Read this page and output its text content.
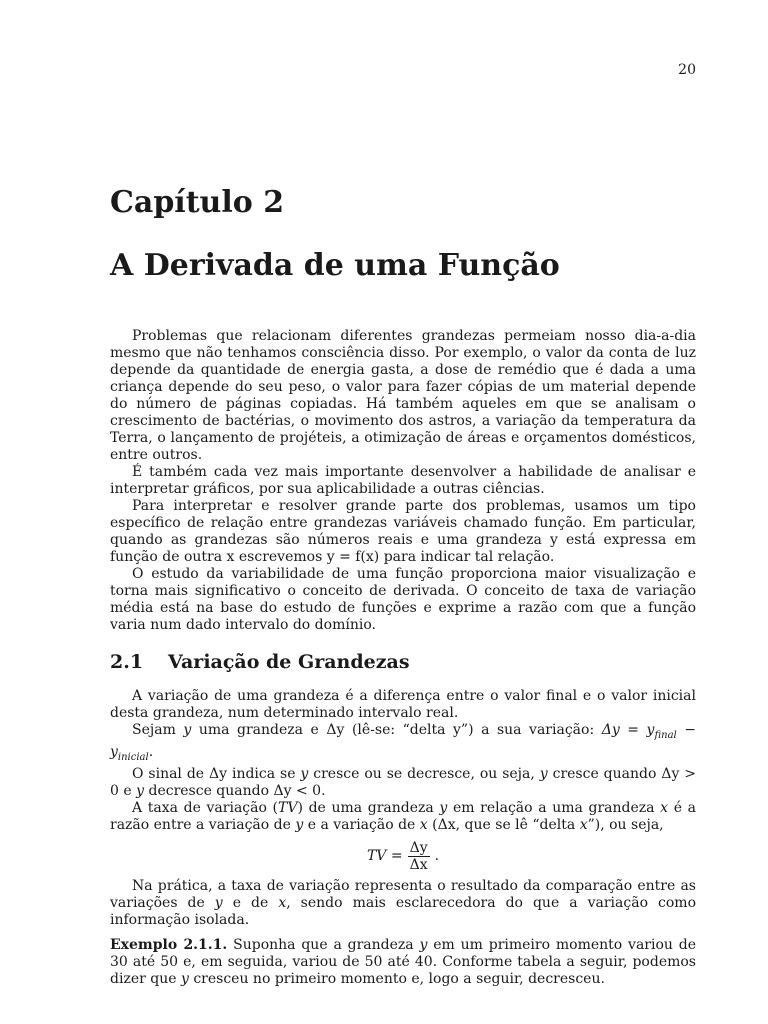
20
Capítulo 2
A Derivada de uma Função

Problemas que relacionam diferentes grandezas permeiam nosso dia-a-dia mesmo que não tenhamos consciência disso. Por exemplo, o valor da conta de luz depende da quantidade de energia gasta, a dose de remédio que é dada a uma criança depende do seu peso, o valor para fazer cópias de um material depende do número de páginas copiadas. Há também aqueles em que se analisam o crescimento de bactérias, o movimento dos astros, a variação da temperatura da Terra, o lançamento de projéteis, a otimização de áreas e orçamentos domésticos, entre outros.

É também cada vez mais importante desenvolver a habilidade de analisar e interpretar gráficos, por sua aplicabilidade a outras ciências.

Para interpretar e resolver grande parte dos problemas, usamos um tipo específico de relação entre grandezas variáveis chamado função. Em particular, quando as grandezas são números reais e uma grandeza y está expressa em função de outra x escrevemos y = f(x) para indicar tal relação.

O estudo da variabilidade de uma função proporciona maior visualização e torna mais significativo o conceito de derivada. O conceito de taxa de variação média está na base do estudo de funções e exprime a razão com que a função varia num dado intervalo do domínio.

2.1 Variação de Grandezas

A variação de uma grandeza é a diferença entre o valor final e o valor inicial desta grandeza, num determinado intervalo real.

Sejam y uma grandeza e Δy (lê-se: “delta y”) a sua variação: $\Delta y = y_{final} - y_{inicial}$.

O sinal de Δy indica se y cresce ou se decresce, ou seja, y cresce quando Δy > 0 e y decresce quando Δy < 0.

A taxa de variação (TV) de uma grandeza y em relação a uma grandeza x é a razão entre a variação de y e a variação de x (Δx, que se lê “delta x”), ou seja,

TV = $\frac{\Delta y}{\Delta x}$ .

Na prática, a taxa de variação representa o resultado da comparação entre as variações de y e de x, sendo mais esclarecedora do que a variação como informação isolada.

Exemplo 2.1.1. Suponha que a grandeza y em um primeiro momento variou de 30 até 50 e, em seguida, variou de 50 até 40. Conforme tabela a seguir, podemos dizer que y cresceu no primeiro momento e, logo a seguir, decresceu.
